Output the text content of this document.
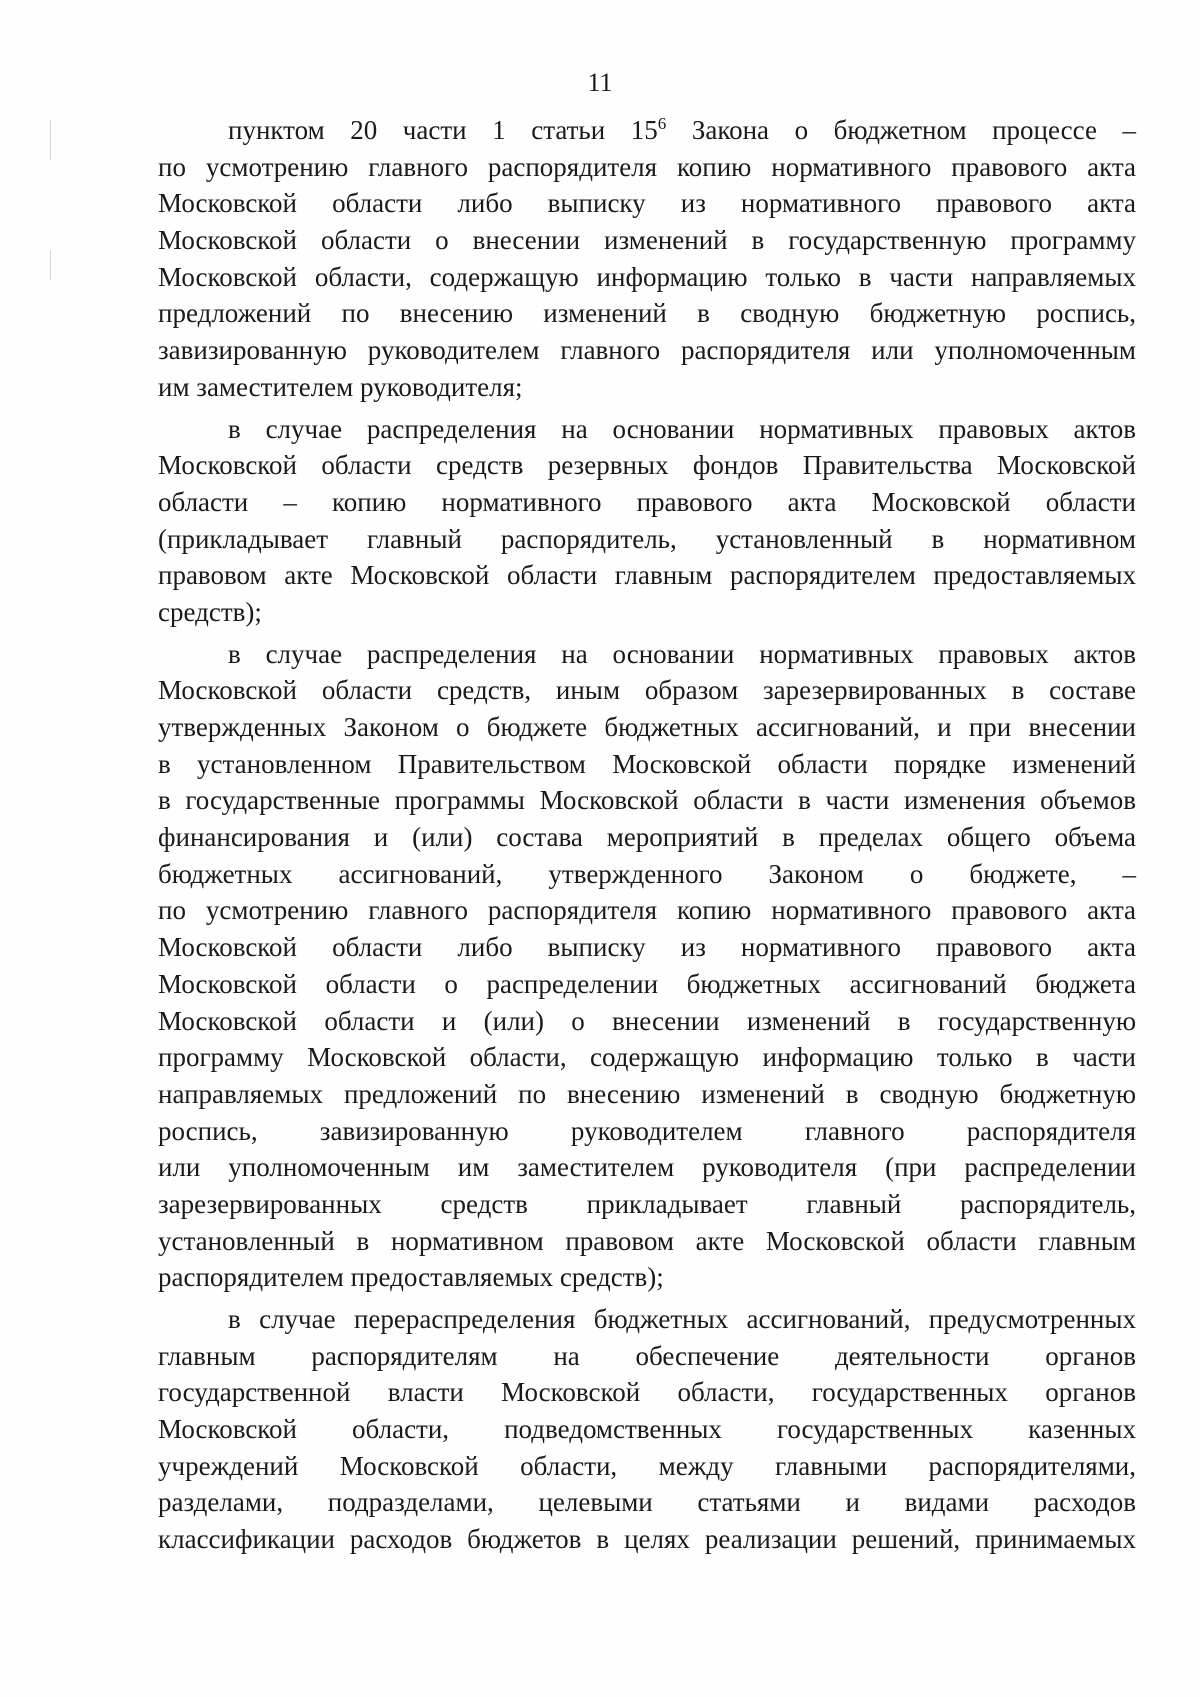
11
пунктом 20 части 1 статьи $15^6$ Закона о бюджетном процессе –
по усмотрению главного распорядителя копию нормативного правового акта
Московской области либо выписку из нормативного правового акта
Московской области о внесении изменений в государственную программу
Московской области, содержащую информацию только в части направляемых
предложений по внесению изменений в сводную бюджетную роспись,
завизированную руководителем главного распорядителя или уполномоченным
им заместителем руководителя;
в случае распределения на основании нормативных правовых актов
Московской области средств резервных фондов Правительства Московской
области – копию нормативного правового акта Московской области
(прикладывает главный распорядитель, установленный в нормативном
правовом акте Московской области главным распорядителем предоставляемых
средств);
в случае распределения на основании нормативных правовых актов
Московской области средств, иным образом зарезервированных в составе
утвержденных Законом о бюджете бюджетных ассигнований, и при внесении
в установленном Правительством Московской области порядке изменений
в государственные программы Московской области в части изменения объемов
финансирования и (или) состава мероприятий в пределах общего объема
бюджетных ассигнований, утвержденного Законом о бюджете, –
по усмотрению главного распорядителя копию нормативного правового акта
Московской области либо выписку из нормативного правового акта
Московской области о распределении бюджетных ассигнований бюджета
Московской области и (или) о внесении изменений в государственную
программу Московской области, содержащую информацию только в части
направляемых предложений по внесению изменений в сводную бюджетную
роспись, завизированную руководителем главного распорядителя
или уполномоченным им заместителем руководителя (при распределении
зарезервированных средств прикладывает главный распорядитель,
установленный в нормативном правовом акте Московской области главным
распорядителем предоставляемых средств);
в случае перераспределения бюджетных ассигнований, предусмотренных
главным распорядителям на обеспечение деятельности органов
государственной власти Московской области, государственных органов
Московской области, подведомственных государственных казенных
учреждений Московской области, между главными распорядителями,
разделами, подразделами, целевыми статьями и видами расходов
классификации расходов бюджетов в целях реализации решений, принимаемых
